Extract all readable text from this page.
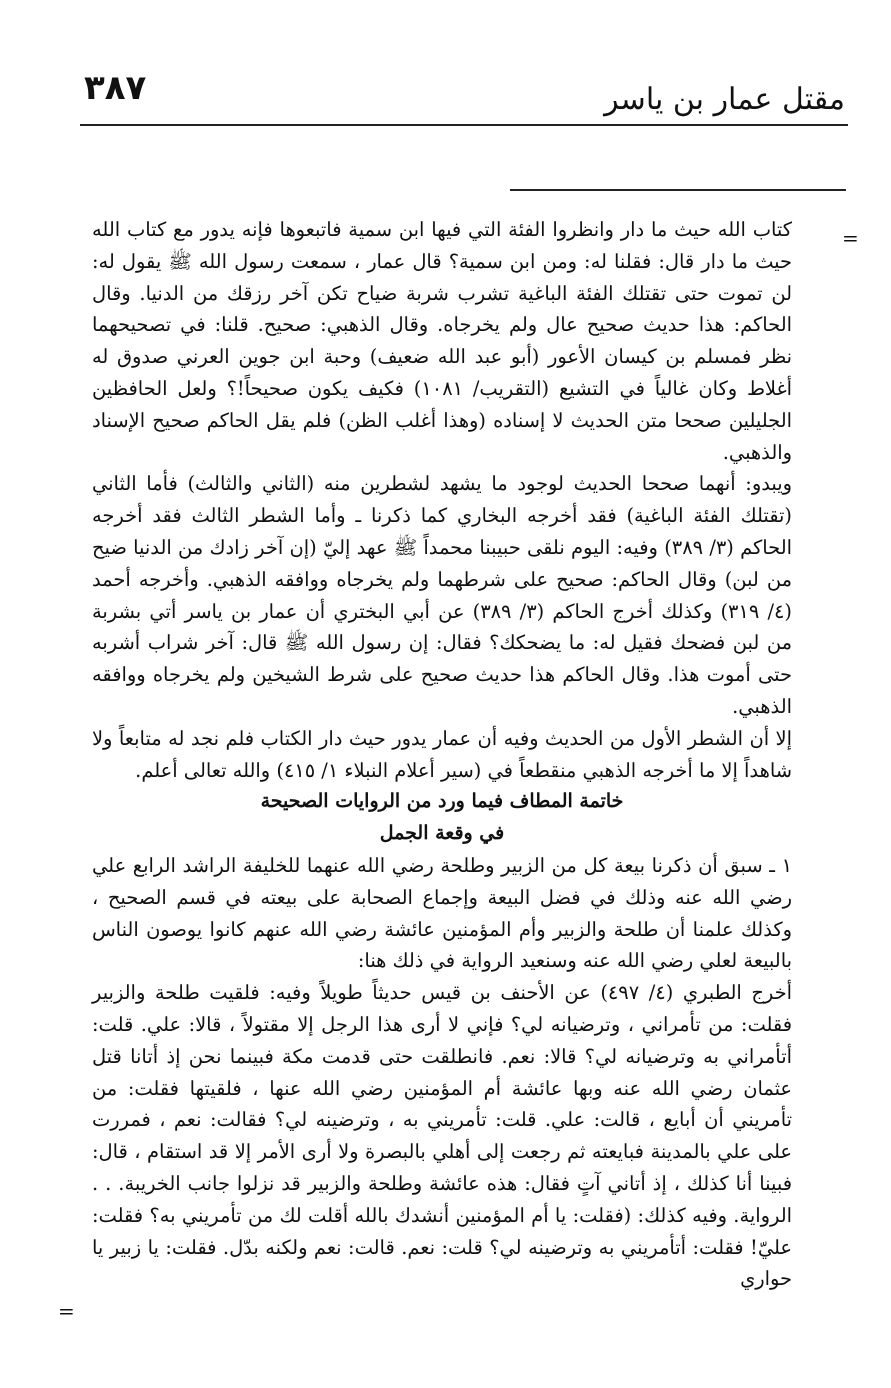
٣٨٧	مقتل عمار بن ياسر
=

كتاب الله حيث ما دار وانظروا الفئة التي فيها ابن سمية فاتبعوها فإنه يدور مع كتاب الله حيث ما دار قال: فقلنا له: ومن ابن سمية؟ قال عمار ، سمعت رسول الله ﷺ يقول له: لن تموت حتى تقتلك الفئة الباغية تشرب شربة ضياح تكن آخر رزقك من الدنيا. وقال الحاكم: هذا حديث صحيح عال ولم يخرجاه. وقال الذهبي: صحيح. قلنا: في تصحيحهما نظر فمسلم بن كيسان الأعور (أبو عبد الله ضعيف) وحبة ابن جوين العرني صدوق له أغلاط وكان غالياً في التشيع (التقريب/ ١٠٨١) فكيف يكون صحيحاً!؟ ولعل الحافظين الجليلين صححا متن الحديث لا إسناده (وهذا أغلب الظن) فلم يقل الحاكم صحيح الإسناد والذهبي.

ويبدو: أنهما صححا الحديث لوجود ما يشهد لشطرين منه (الثاني والثالث) فأما الثاني (تقتلك الفئة الباغية) فقد أخرجه البخاري كما ذكرنا ـ وأما الشطر الثالث فقد أخرجه الحاكم (٣/ ٣٨٩) وفيه: اليوم نلقى حبيبنا محمداً ﷺ عهد إليّ (إن آخر زادك من الدنيا ضيح من لبن) وقال الحاكم: صحيح على شرطهما ولم يخرجاه ووافقه الذهبي. وأخرجه أحمد (٤/ ٣١٩) وكذلك أخرج الحاكم (٣/ ٣٨٩) عن أبي البختري أن عمار بن ياسر أتي بشربة من لبن فضحك فقيل له: ما يضحكك؟ فقال: إن رسول الله ﷺ قال: آخر شراب أشربه حتى أموت هذا. وقال الحاكم هذا حديث صحيح على شرط الشيخين ولم يخرجاه ووافقه الذهبي.

إلا أن الشطر الأول من الحديث وفيه أن عمار يدور حيث دار الكتاب فلم نجد له متابعاً ولا شاهداً إلا ما أخرجه الذهبي منقطعاً في (سير أعلام النبلاء ١/ ٤١٥) والله تعالى أعلم.

خاتمة المطاف فيما ورد من الروايات الصحيحة

في وقعة الجمل

١ ـ سبق أن ذكرنا بيعة كل من الزبير وطلحة رضي الله عنهما للخليفة الراشد الرابع علي رضي الله عنه وذلك في فضل البيعة وإجماع الصحابة على بيعته في قسم الصحيح ، وكذلك علمنا أن طلحة والزبير وأم المؤمنين عائشة رضي الله عنهم كانوا يوصون الناس بالبيعة لعلي رضي الله عنه وسنعيد الرواية في ذلك هنا:

أخرج الطبري (٤/ ٤٩٧) عن الأحنف بن قيس حديثاً طويلاً وفيه: فلقيت طلحة والزبير فقلت: من تأمراني ، وترضيانه لي؟ فإني لا أرى هذا الرجل إلا مقتولاً ، قالا: علي. قلت: أتأمراني به وترضيانه لي؟ قالا: نعم. فانطلقت حتى قدمت مكة فبينما نحن إذ أتانا قتل عثمان رضي الله عنه وبها عائشة أم المؤمنين رضي الله عنها ، فلقيتها فقلت: من تأمريني أن أبايع ، قالت: علي. قلت: تأمريني به ، وترضينه لي؟ فقالت: نعم ، فمررت على علي بالمدينة فبايعته ثم رجعت إلى أهلي بالبصرة ولا أرى الأمر إلا قد استقام ، قال: فبينا أنا كذلك ، إذ أتاني آتٍ فقال: هذه عائشة وطلحة والزبير قد نزلوا جانب الخريبة. . . الرواية. وفيه كذلك: (فقلت: يا أم المؤمنين أنشدك بالله أقلت لك من تأمريني به؟ فقلت: عليّ! فقلت: أتأمريني به وترضينه لي؟ قلت: نعم. قالت: نعم ولكنه بدّل. فقلت: يا زبير يا حواري

=
